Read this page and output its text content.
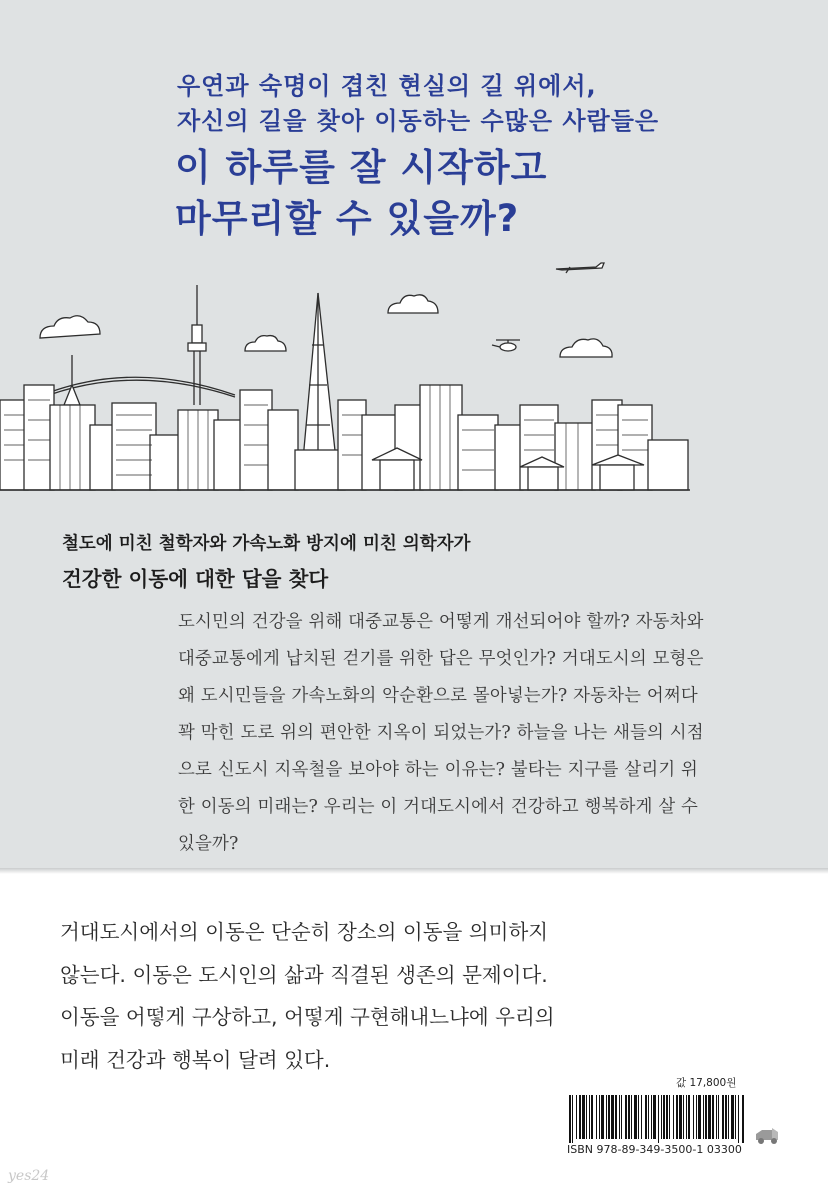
우연과 숙명이 겹친 현실의 길 위에서,
자신의 길을 찾아 이동하는 수많은 사람들은
이 하루를 잘 시작하고
마무리할 수 있을까?
철도에 미친 철학자와 가속노화 방지에 미친 의학자가
건강한 이동에 대한 답을 찾다
도시민의 건강을 위해 대중교통은 어떻게 개선되어야 할까? 자동차와
대중교통에게 납치된 걷기를 위한 답은 무엇인가? 거대도시의 모형은
왜 도시민들을 가속노화의 악순환으로 몰아넣는가? 자동차는 어쩌다
꽉 막힌 도로 위의 편안한 지옥이 되었는가? 하늘을 나는 새들의 시점
으로 신도시 지옥철을 보아야 하는 이유는? 불타는 지구를 살리기 위
한 이동의 미래는? 우리는 이 거대도시에서 건강하고 행복하게 살 수
있을까?
거대도시에서의 이동은 단순히 장소의 이동을 의미하지
않는다. 이동은 도시인의 삶과 직결된 생존의 문제이다.
이동을 어떻게 구상하고, 어떻게 구현해내느냐에 우리의
미래 건강과 행복이 달려 있다.
값 17,800원
ISBN 978-89-349-3500-1 03300
yes24
